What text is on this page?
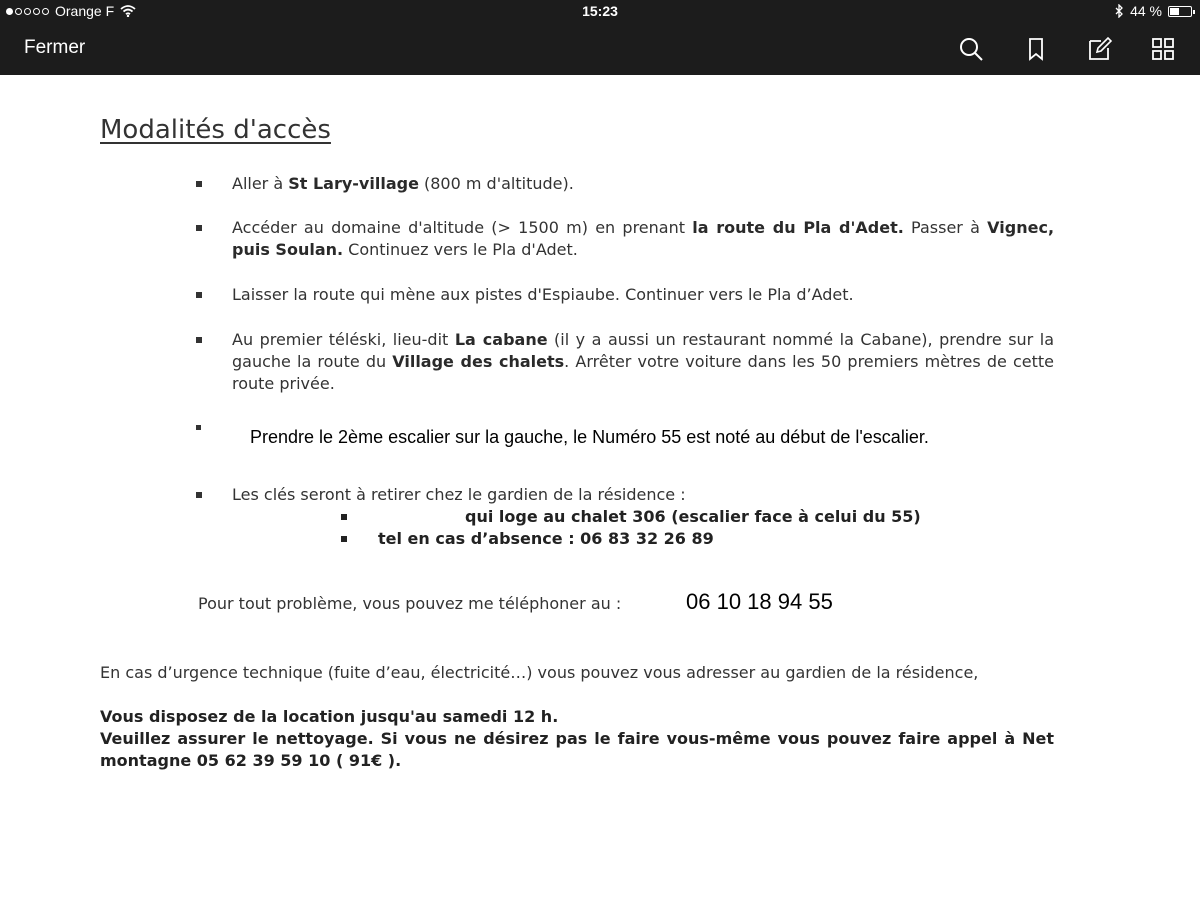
Orange F	15:23	44 %
Fermer
Modalités d'accès
Aller à St Lary-village (800 m d'altitude).
Accéder au domaine d'altitude (> 1500 m) en prenant la route du Pla d'Adet. Passer à Vignec, puis Soulan. Continuez vers le Pla d'Adet.
Laisser la route qui mène aux pistes d'Espiaube. Continuer vers le Pla d’Adet.
Au premier téléski, lieu-dit La cabane (il y a aussi un restaurant nommé la Cabane), prendre sur la gauche la route du Village des chalets. Arrêter votre voiture dans les 50 premiers mètres de cette route privée.
Prendre le 2ème escalier sur la gauche, le Numéro 55 est noté au début de l'escalier.
Les clés seront à retirer chez le gardien de la résidence :
qui loge au chalet 306 (escalier face à celui du 55)
tel en cas d’absence : 06 83 32 26 89
Pour tout problème, vous pouvez me téléphoner au :	06 10 18 94 55

En cas d’urgence technique (fuite d’eau, électricité…) vous pouvez vous adresser au gardien de la résidence,

Vous disposez de la location jusqu'au samedi 12 h.

Veuillez assurer le nettoyage. Si vous ne désirez pas le faire vous-même vous pouvez faire appel à Net montagne 05 62 39 59 10 ( 91€ ).
